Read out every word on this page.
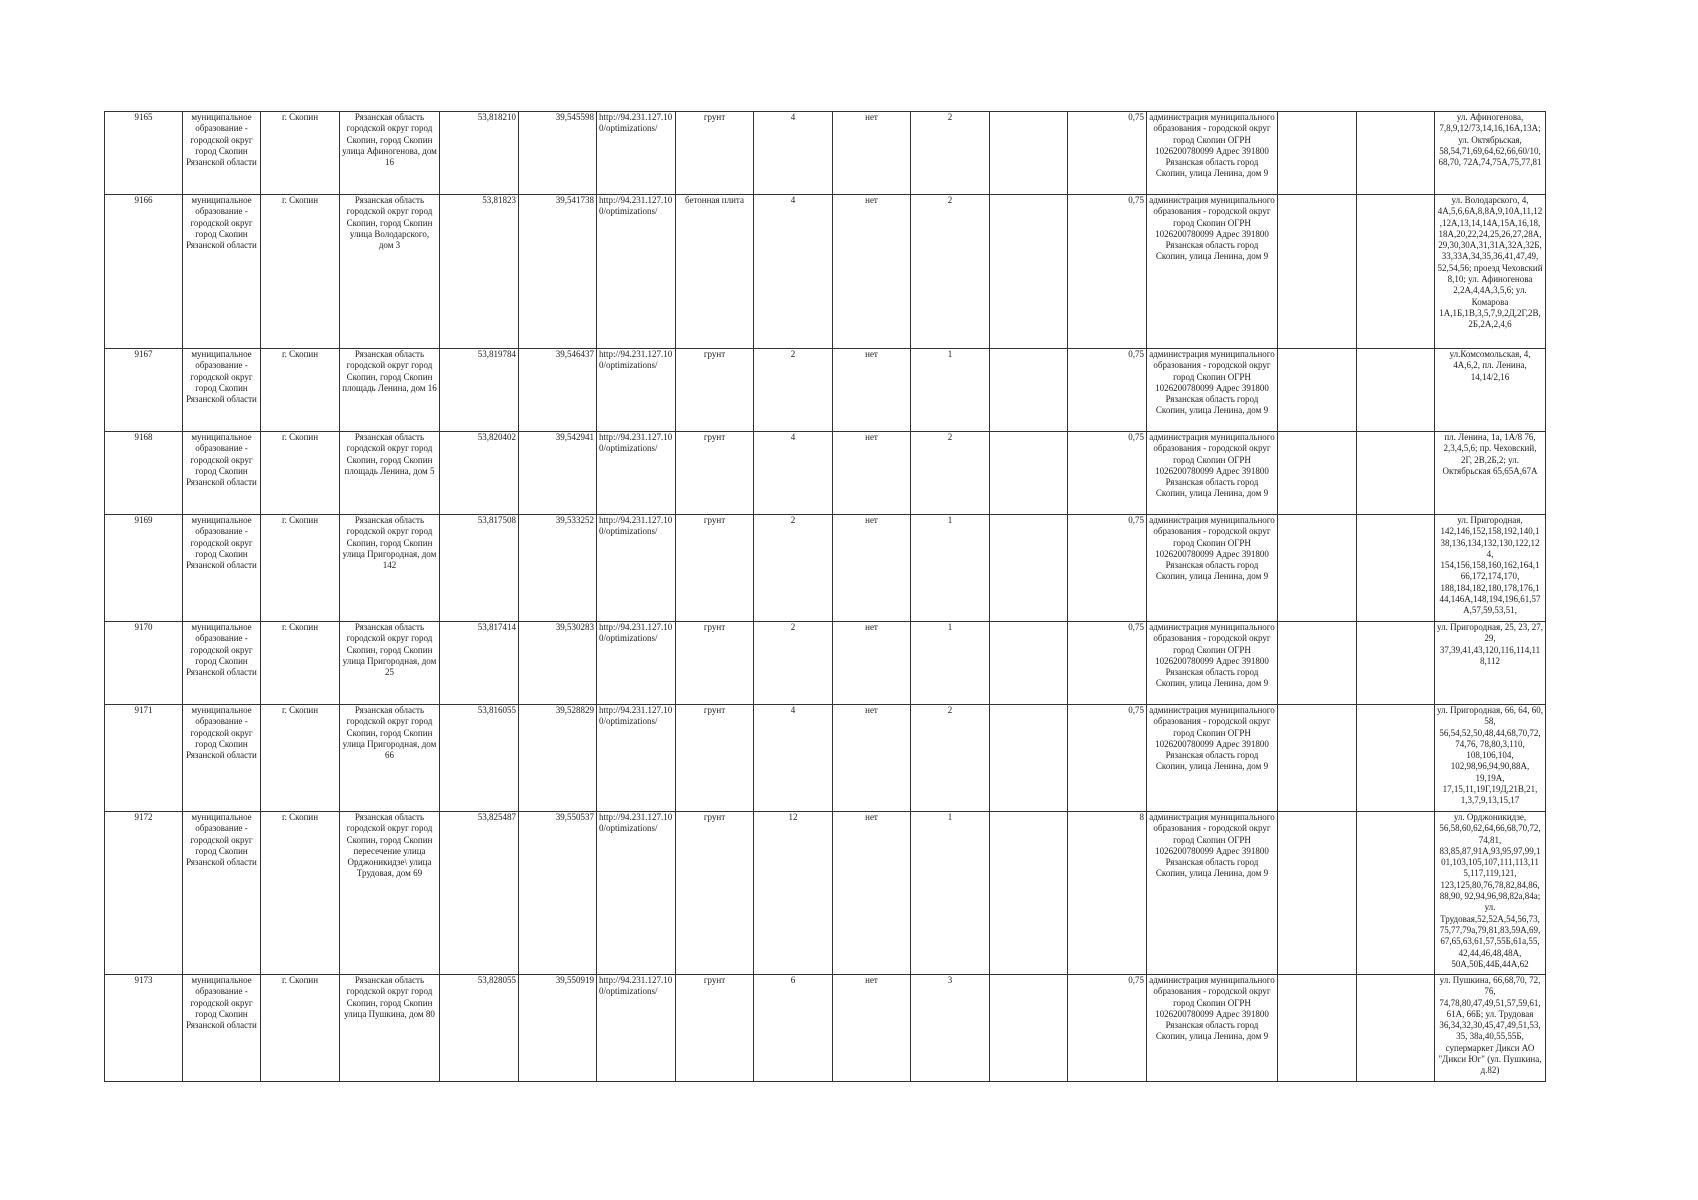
9165	муниципальное образование - городской округ город Скопин Рязанской области	г. Скопин	Рязанская область городской округ город Скопин, город Скопин улица Афиногенова, дом 16	53,818210	39,545598	http://94.231.127.100/optimizations/	грунт	4	нет	2		0,75	администрация муниципального образования - городской округ город Скопин ОГРН 1026200780099 Адрес 391800 Рязанская область город Скопин, улица Ленина, дом 9			ул. Афиногенова, 7,8,9,12/73,14,16,16А,13А; ул. Октябрьская, 58,54,71,69,64,62,66,60/10, 68,70, 72А,74,75А,75,77,81

9166	муниципальное образование - городской округ город Скопин Рязанской области	г. Скопин	Рязанская область городской округ город Скопин, город Скопин улица Володарского, дом 3	53,81823	39,541738	http://94.231.127.100/optimizations/	бетонная плита	4	нет	2		0,75	администрация муниципального образования - городской округ город Скопин ОГРН 1026200780099 Адрес 391800 Рязанская область город Скопин, улица Ленина, дом 9			ул. Володарского, 4, 4А,5,6,6А,8,8А,9,10А,11,12 ,12А,13,14,14А,15А,16,18, 18А,20,22,24,25,26,27,28А, 29,30,30А,31,31А,32А,32Б, 33,33А,34,35,36,41,47,49, 52,54,56; проезд Чеховский 8,10; ул. Афиногенова 2,2А,4,4А,3,5,6; ул. Комарова 1А,1Б,1В,3,5,7,9,2Д,2Г,2В, 2Б,2А,2,4,6

9167	муниципальное образование - городской округ город Скопин Рязанской области	г. Скопин	Рязанская область городской округ город Скопин, город Скопин площадь Ленина, дом 16	53,819784	39,546437	http://94.231.127.100/optimizations/	грунт	2	нет	1		0,75	администрация муниципального образования - городской округ город Скопин ОГРН 1026200780099 Адрес 391800 Рязанская область город Скопин, улица Ленина, дом 9			ул.Комсомольская, 4, 4А,6,2, пл. Ленина, 14,14/2,16

9168	муниципальное образование - городской округ город Скопин Рязанской области	г. Скопин	Рязанская область городской округ город Скопин, город Скопин площадь Ленина, дом 5	53,820402	39,542941	http://94.231.127.100/optimizations/	грунт	4	нет	2		0,75	администрация муниципального образования - городской округ город Скопин ОГРН 1026200780099 Адрес 391800 Рязанская область город Скопин, улица Ленина, дом 9			пл. Ленина, 1а, 1А/8 76, 2,3,4,5,6; пр. Чеховский, 2Г, 2В,2Б,2; ул. Октябрьская 65,65А,67А

9169	муниципальное образование - городской округ город Скопин Рязанской области	г. Скопин	Рязанская область городской округ город Скопин, город Скопин улица Пригородная, дом 142	53,817508	39,533252	http://94.231.127.100/optimizations/	грунт	2	нет	1		0,75	администрация муниципального образования - городской округ город Скопин ОГРН 1026200780099 Адрес 391800 Рязанская область город Скопин, улица Ленина, дом 9			ул. Пригородная, 142,146,152,158,192,140,1 38,136,134,132,130,122,12 4, 154,156,158,160,162,164,1 66,172,174,170, 188,184,182,180,178,176,1 44,146А,148,194,196,61,57 А,57,59,53,51,

9170	муниципальное образование - городской округ город Скопин Рязанской области	г. Скопин	Рязанская область городской округ город Скопин, город Скопин улица Пригородная, дом 25	53,817414	39,530283	http://94.231.127.100/optimizations/	грунт	2	нет	1		0,75	администрация муниципального образования - городской округ город Скопин ОГРН 1026200780099 Адрес 391800 Рязанская область город Скопин, улица Ленина, дом 9			ул. Пригородная, 25, 23, 27, 29, 37,39,41,43,120,116,114,11 8,112

9171	муниципальное образование - городской округ город Скопин Рязанской области	г. Скопин	Рязанская область городской округ город Скопин, город Скопин улица Пригородная, дом 66	53,816055	39,528829	http://94.231.127.100/optimizations/	грунт	4	нет	2		0,75	администрация муниципального образования - городской округ город Скопин ОГРН 1026200780099 Адрес 391800 Рязанская область город Скопин, улица Ленина, дом 9			ул. Пригородная, 66, 64, 60, 58, 56,54,52,50,48,44,68,70,72, 74,76, 78,80,3,110, 108,106,104, 102,98,96,94,90,88А, 19,19А, 17,15,11,19Г,19Д,21В,21, 1,3,7,9,13,15,17

9172	муниципальное образование - городской округ город Скопин Рязанской области	г. Скопин	Рязанская область городской округ город Скопин, город Скопин пересечение улица Орджоникидзе\ улица Трудовая, дом 69	53,825487	39,550537	http://94.231.127.100/optimizations/	грунт	12	нет	1		8	администрация муниципального образования - городской округ город Скопин ОГРН 1026200780099 Адрес 391800 Рязанская область город Скопин, улица Ленина, дом 9			ул. Орджоникидзе, 56,58,60,62,64,66,68,70,72, 74,81, 83,85,87,91А,93,95,97,99,1 01,103,105,107,111,113,11 5,117,119,121, 123,125,80,76,78,82,84,86, 88,90, 92,94,96,98,82а,84а; ул. Трудовая,52,52А,54,56,73, 75,77,79а,79,81,83,59А,69, 67,65,63,61,57,55Б,61а,55, 42,44,46,48,48А, 50А,50Б,44Б,44А,62

9173	муниципальное образование - городской округ город Скопин Рязанской области	г. Скопин	Рязанская область городской округ город Скопин, город Скопин улица Пушкина, дом 80	53,828055	39,550919	http://94.231.127.100/optimizations/	грунт	6	нет	3		0,75	администрация муниципального образования - городской округ город Скопин ОГРН 1026200780099 Адрес 391800 Рязанская область город Скопин, улица Ленина, дом 9			ул. Пушкина, 66,68,70, 72, 76, 74,78,80,47,49,51,57,59,61, 61А, 66Б; ул. Трудовая 36,34,32,30,45,47,49,51,53, 35, 38а,40,55,55Б, супермаркет Дикси АО "Дикси Юг" (ул. Пушкина, д.82)
